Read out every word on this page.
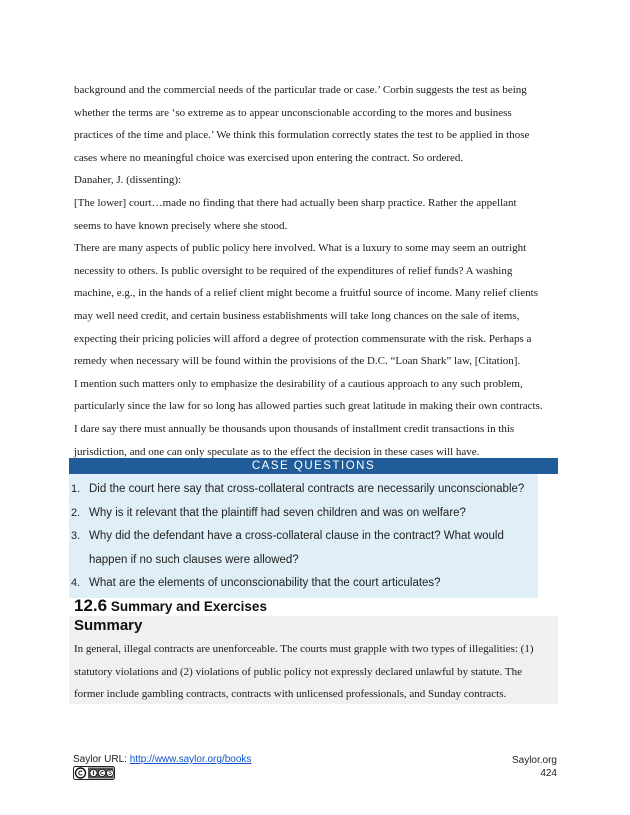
background and the commercial needs of the particular trade or case.’ Corbin suggests the test as being

whether the terms are ‘so extreme as to appear unconscionable according to the mores and business

practices of the time and place.’ We think this formulation correctly states the test to be applied in those

cases where no meaningful choice was exercised upon entering the contract. So ordered.

Danaher, J. (dissenting):

[The lower] court…made no finding that there had actually been sharp practice. Rather the appellant

seems to have known precisely where she stood.

There are many aspects of public policy here involved. What is a luxury to some may seem an outright

necessity to others. Is public oversight to be required of the expenditures of relief funds? A washing

machine, e.g., in the hands of a relief client might become a fruitful source of income. Many relief clients

may well need credit, and certain business establishments will take long chances on the sale of items,

expecting their pricing policies will afford a degree of protection commensurate with the risk. Perhaps a

remedy when necessary will be found within the provisions of the D.C. “Loan Shark” law, [Citation].

I mention such matters only to emphasize the desirability of a cautious approach to any such problem,

particularly since the law for so long has allowed parties such great latitude in making their own contracts.

I dare say there must annually be thousands upon thousands of installment credit transactions in this

jurisdiction, and one can only speculate as to the effect the decision in these cases will have.

CASE QUESTIONS
1. Did the court here say that cross-collateral contracts are necessarily unconscionable?
2. Why is it relevant that the plaintiff had seven children and was on welfare?
3. Why did the defendant have a cross-collateral clause in the contract? What would
happen if no such clauses were allowed?
4. What are the elements of unconscionability that the court articulates?
12.6 Summary and Exercises
Summary

In general, illegal contracts are unenforceable. The courts must grapple with two types of illegalities: (1)

statutory violations and (2) violations of public policy not expressly declared unlawful by statute. The

former include gambling contracts, contracts with unlicensed professionals, and Sunday contracts.

Saylor URL: http://www.saylor.org/books	Saylor.org
424
